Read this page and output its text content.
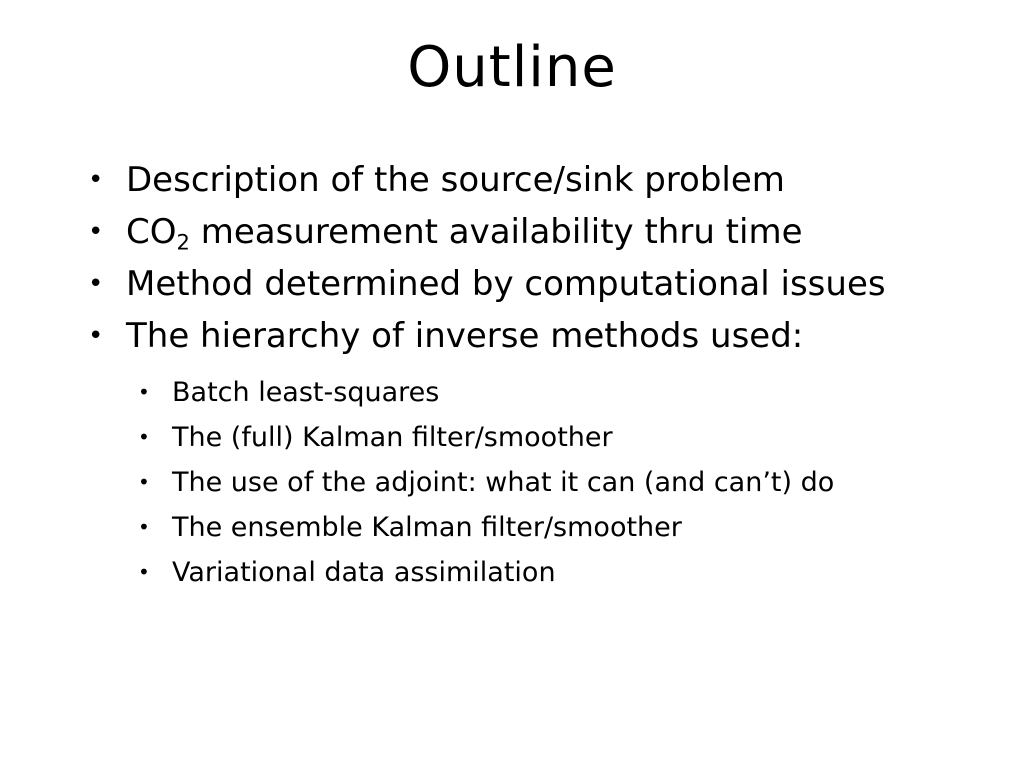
Outline
• Description of the source/sink problem
• CO2 measurement availability thru time
• Method determined by computational issues
• The hierarchy of inverse methods used:
• Batch least-squares
• The (full) Kalman filter/smoother
• The use of the adjoint: what it can (and can’t) do
• The ensemble Kalman filter/smoother
• Variational data assimilation
